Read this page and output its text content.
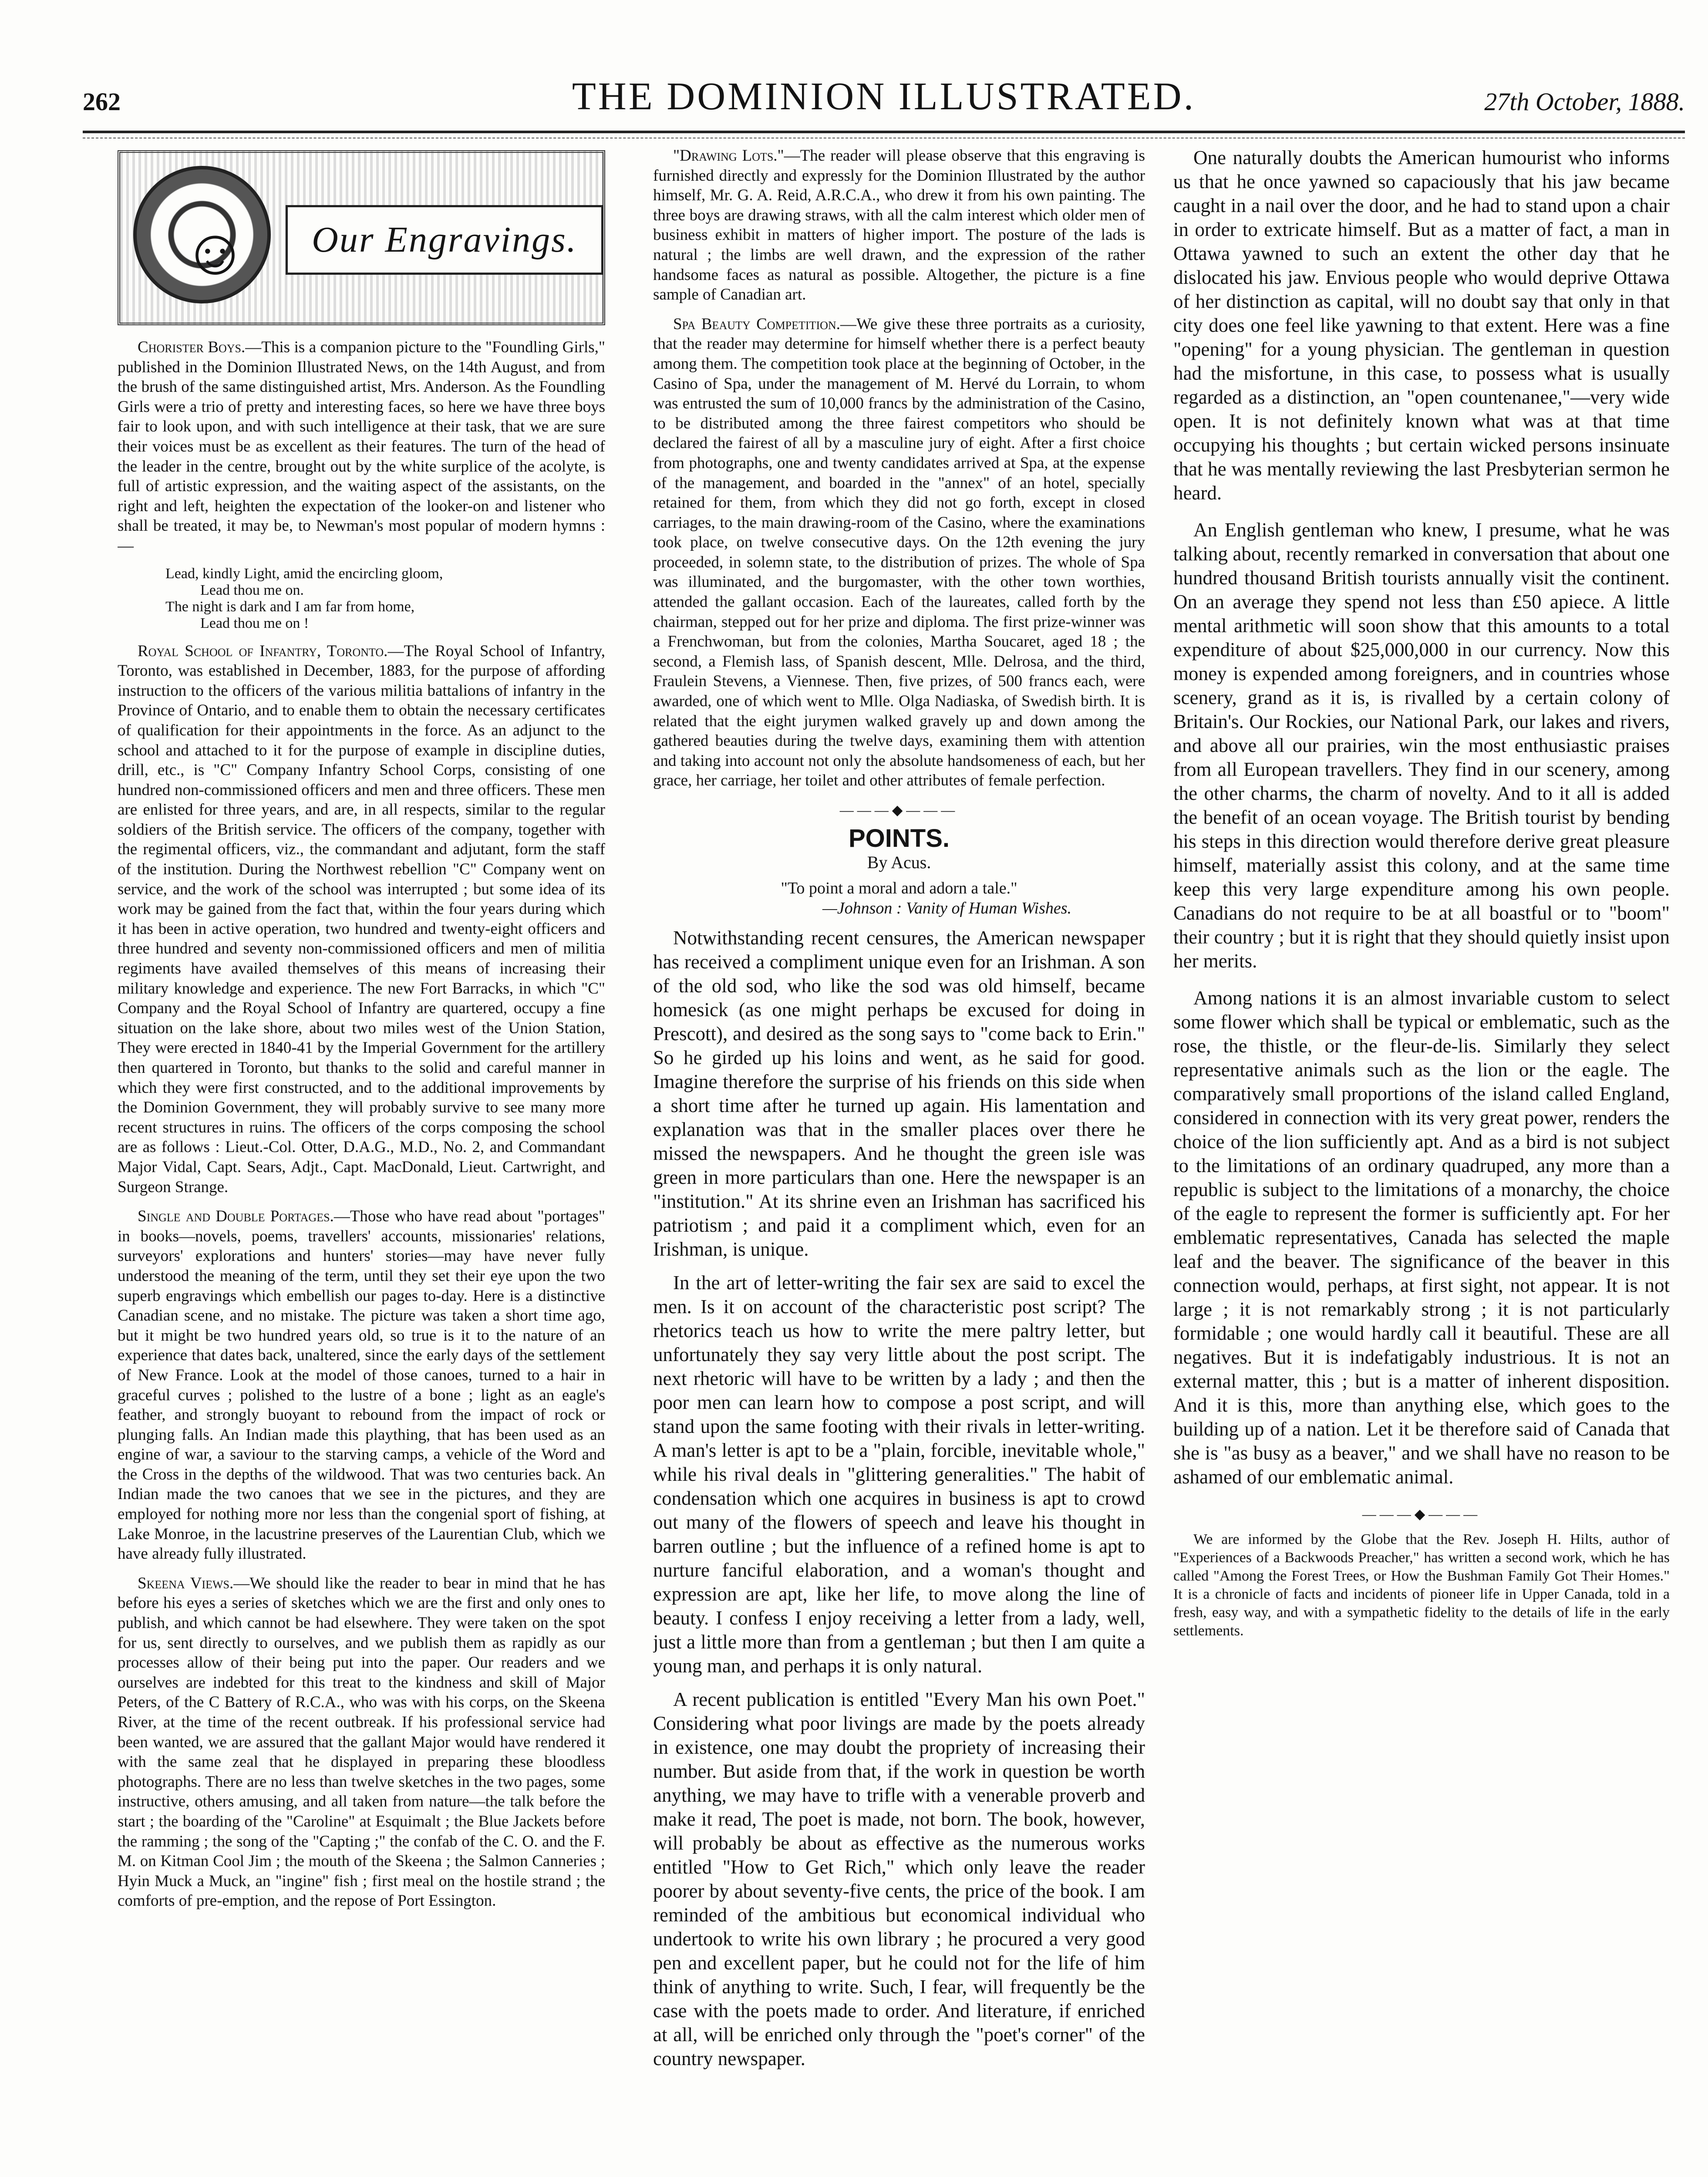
262	THE DOMINION ILLUSTRATED.	27th October, 1888.
☺	Our Engravings.

Chorister Boys.—This is a companion picture to the "Foundling Girls," published in the Dominion Illustrated News, on the 14th August, and from the brush of the same distinguished artist, Mrs. Anderson. As the Foundling Girls were a trio of pretty and interesting faces, so here we have three boys fair to look upon, and with such intelligence at their task, that we are sure their voices must be as excellent as their features. The turn of the head of the leader in the centre, brought out by the white surplice of the acolyte, is full of artistic expression, and the waiting aspect of the assistants, on the right and left, heighten the expectation of the looker-on and listener who shall be treated, it may be, to Newman's most popular of modern hymns :—

Lead, kindly Light, amid the encircling gloom,
Lead thou me on.
The night is dark and I am far from home,
Lead thou me on !

Royal School of Infantry, Toronto.—The Royal School of Infantry, Toronto, was established in December, 1883, for the purpose of affording instruction to the officers of the various militia battalions of infantry in the Province of Ontario, and to enable them to obtain the necessary certificates of qualification for their appointments in the force. As an adjunct to the school and attached to it for the purpose of example in discipline duties, drill, etc., is "C" Company Infantry School Corps, consisting of one hundred non-commissioned officers and men and three officers. These men are enlisted for three years, and are, in all respects, similar to the regular soldiers of the British service. The officers of the company, together with the regimental officers, viz., the commandant and adjutant, form the staff of the institution. During the Northwest rebellion "C" Company went on service, and the work of the school was interrupted ; but some idea of its work may be gained from the fact that, within the four years during which it has been in active operation, two hundred and twenty-eight officers and three hundred and seventy non-commissioned officers and men of militia regiments have availed themselves of this means of increasing their military knowledge and experience. The new Fort Barracks, in which "C" Company and the Royal School of Infantry are quartered, occupy a fine situation on the lake shore, about two miles west of the Union Station, They were erected in 1840-41 by the Imperial Government for the artillery then quartered in Toronto, but thanks to the solid and careful manner in which they were first constructed, and to the additional improvements by the Dominion Government, they will probably survive to see many more recent structures in ruins. The officers of the corps composing the school are as follows : Lieut.-Col. Otter, D.A.G., M.D., No. 2, and Commandant Major Vidal, Capt. Sears, Adjt., Capt. MacDonald, Lieut. Cartwright, and Surgeon Strange.

Single and Double Portages.—Those who have read about "portages" in books—novels, poems, travellers' accounts, missionaries' relations, surveyors' explorations and hunters' stories—may have never fully understood the meaning of the term, until they set their eye upon the two superb engravings which embellish our pages to-day. Here is a distinctive Canadian scene, and no mistake. The picture was taken a short time ago, but it might be two hundred years old, so true is it to the nature of an experience that dates back, unaltered, since the early days of the settlement of New France. Look at the model of those canoes, turned to a hair in graceful curves ; polished to the lustre of a bone ; light as an eagle's feather, and strongly buoyant to rebound from the impact of rock or plunging falls. An Indian made this plaything, that has been used as an engine of war, a saviour to the starving camps, a vehicle of the Word and the Cross in the depths of the wildwood. That was two centuries back. An Indian made the two canoes that we see in the pictures, and they are employed for nothing more nor less than the congenial sport of fishing, at Lake Monroe, in the lacustrine preserves of the Laurentian Club, which we have already fully illustrated.

Skeena Views.—We should like the reader to bear in mind that he has before his eyes a series of sketches which we are the first and only ones to publish, and which cannot be had elsewhere. They were taken on the spot for us, sent directly to ourselves, and we publish them as rapidly as our processes allow of their being put into the paper. Our readers and we ourselves are indebted for this treat to the kindness and skill of Major Peters, of the C Battery of R.C.A., who was with his corps, on the Skeena River, at the time of the recent outbreak. If his professional service had been wanted, we are assured that the gallant Major would have rendered it with the same zeal that he displayed in preparing these bloodless photographs. There are no less than twelve sketches in the two pages, some instructive, others amusing, and all taken from nature—the talk before the start ; the boarding of the "Caroline" at Esquimalt ; the Blue Jackets before the ramming ; the song of the "Capting ;" the confab of the C. O. and the F. M. on Kitman Cool Jim ; the mouth of the Skeena ; the Salmon Canneries ; Hyin Muck a Muck, an "ingine" fish ; first meal on the hostile strand ; the comforts of pre-emption, and the repose of Port Essington.

"Drawing Lots."—The reader will please observe that this engraving is furnished directly and expressly for the Dominion Illustrated by the author himself, Mr. G. A. Reid, A.R.C.A., who drew it from his own painting. The three boys are drawing straws, with all the calm interest which older men of business exhibit in matters of higher import. The posture of the lads is natural ; the limbs are well drawn, and the expression of the rather handsome faces as natural as possible. Altogether, the picture is a fine sample of Canadian art.

Spa Beauty Competition.—We give these three portraits as a curiosity, that the reader may determine for himself whether there is a perfect beauty among them. The competition took place at the beginning of October, in the Casino of Spa, under the management of M. Hervé du Lorrain, to whom was entrusted the sum of 10,000 francs by the administration of the Casino, to be distributed among the three fairest competitors who should be declared the fairest of all by a masculine jury of eight. After a first choice from photographs, one and twenty candidates arrived at Spa, at the expense of the management, and boarded in the "annex" of an hotel, specially retained for them, from which they did not go forth, except in closed carriages, to the main drawing-room of the Casino, where the examinations took place, on twelve consecutive days. On the 12th evening the jury proceeded, in solemn state, to the distribution of prizes. The whole of Spa was illuminated, and the burgomaster, with the other town worthies, attended the gallant occasion. Each of the laureates, called forth by the chairman, stepped out for her prize and diploma. The first prize-winner was a Frenchwoman, but from the colonies, Martha Soucaret, aged 18 ; the second, a Flemish lass, of Spanish descent, Mlle. Delrosa, and the third, Fraulein Stevens, a Viennese. Then, five prizes, of 500 francs each, were awarded, one of which went to Mlle. Olga Nadiaska, of Swedish birth. It is related that the eight jurymen walked gravely up and down among the gathered beauties during the twelve days, examining them with attention and taking into account not only the absolute handsomeness of each, but her grace, her carriage, her toilet and other attributes of female perfection.

———◆———
POINTS.
By Acus.
"To point a moral and adorn a tale."
—Johnson : Vanity of Human Wishes.

Notwithstanding recent censures, the American newspaper has received a compliment unique even for an Irishman. A son of the old sod, who like the sod was old himself, became homesick (as one might perhaps be excused for doing in Prescott), and desired as the song says to "come back to Erin." So he girded up his loins and went, as he said for good. Imagine therefore the surprise of his friends on this side when a short time after he turned up again. His lamentation and explanation was that in the smaller places over there he missed the newspapers. And he thought the green isle was green in more particulars than one. Here the newspaper is an "institution." At its shrine even an Irishman has sacrificed his patriotism ; and paid it a compliment which, even for an Irishman, is unique.

In the art of letter-writing the fair sex are said to excel the men. Is it on account of the characteristic post script? The rhetorics teach us how to write the mere paltry letter, but unfortunately they say very little about the post script. The next rhetoric will have to be written by a lady ; and then the poor men can learn how to compose a post script, and will stand upon the same footing with their rivals in letter-writing. A man's letter is apt to be a "plain, forcible, inevitable whole," while his rival deals in "glittering generalities." The habit of condensation which one acquires in business is apt to crowd out many of the flowers of speech and leave his thought in barren outline ; but the influence of a refined home is apt to nurture fanciful elaboration, and a woman's thought and expression are apt, like her life, to move along the line of beauty. I confess I enjoy receiving a letter from a lady, well, just a little more than from a gentleman ; but then I am quite a young man, and perhaps it is only natural.

A recent publication is entitled "Every Man his own Poet." Considering what poor livings are made by the poets already in existence, one may doubt the propriety of increasing their number. But aside from that, if the work in question be worth anything, we may have to trifle with a venerable proverb and make it read, The poet is made, not born. The book, however, will probably be about as effective as the numerous works entitled "How to Get Rich," which only leave the reader poorer by about seventy-five cents, the price of the book. I am reminded of the ambitious but economical individual who undertook to write his own library ; he procured a very good pen and excellent paper, but he could not for the life of him think of anything to write. Such, I fear, will frequently be the case with the poets made to order. And literature, if enriched at all, will be enriched only through the "poet's corner" of the country newspaper.

One naturally doubts the American humourist who informs us that he once yawned so capaciously that his jaw became caught in a nail over the door, and he had to stand upon a chair in order to extricate himself. But as a matter of fact, a man in Ottawa yawned to such an extent the other day that he dislocated his jaw. Envious people who would deprive Ottawa of her distinction as capital, will no doubt say that only in that city does one feel like yawning to that extent. Here was a fine "opening" for a young physician. The gentleman in question had the misfortune, in this case, to possess what is usually regarded as a distinction, an "open countenanee,"—very wide open. It is not definitely known what was at that time occupying his thoughts ; but certain wicked persons insinuate that he was mentally reviewing the last Presbyterian sermon he heard.

An English gentleman who knew, I presume, what he was talking about, recently remarked in conversation that about one hundred thousand British tourists annually visit the continent. On an average they spend not less than £50 apiece. A little mental arithmetic will soon show that this amounts to a total expenditure of about $25,000,000 in our currency. Now this money is expended among foreigners, and in countries whose scenery, grand as it is, is rivalled by a certain colony of Britain's. Our Rockies, our National Park, our lakes and rivers, and above all our prairies, win the most enthusiastic praises from all European travellers. They find in our scenery, among the other charms, the charm of novelty. And to it all is added the benefit of an ocean voyage. The British tourist by bending his steps in this direction would therefore derive great pleasure himself, materially assist this colony, and at the same time keep this very large expenditure among his own people. Canadians do not require to be at all boastful or to "boom" their country ; but it is right that they should quietly insist upon her merits.

Among nations it is an almost invariable custom to select some flower which shall be typical or emblematic, such as the rose, the thistle, or the fleur-de-lis. Similarly they select representative animals such as the lion or the eagle. The comparatively small proportions of the island called England, considered in connection with its very great power, renders the choice of the lion sufficiently apt. And as a bird is not subject to the limitations of an ordinary quadruped, any more than a republic is subject to the limitations of a monarchy, the choice of the eagle to represent the former is sufficiently apt. For her emblematic representatives, Canada has selected the maple leaf and the beaver. The significance of the beaver in this connection would, perhaps, at first sight, not appear. It is not large ; it is not remarkably strong ; it is not particularly formidable ; one would hardly call it beautiful. These are all negatives. But it is indefatigably industrious. It is not an external matter, this ; but is a matter of inherent disposition. And it is this, more than anything else, which goes to the building up of a nation. Let it be therefore said of Canada that she is "as busy as a beaver," and we shall have no reason to be ashamed of our emblematic animal.

———◆———

We are informed by the Globe that the Rev. Joseph H. Hilts, author of "Experiences of a Backwoods Preacher," has written a second work, which he has called "Among the Forest Trees, or How the Bushman Family Got Their Homes." It is a chronicle of facts and incidents of pioneer life in Upper Canada, told in a fresh, easy way, and with a sympathetic fidelity to the details of life in the early settlements.
